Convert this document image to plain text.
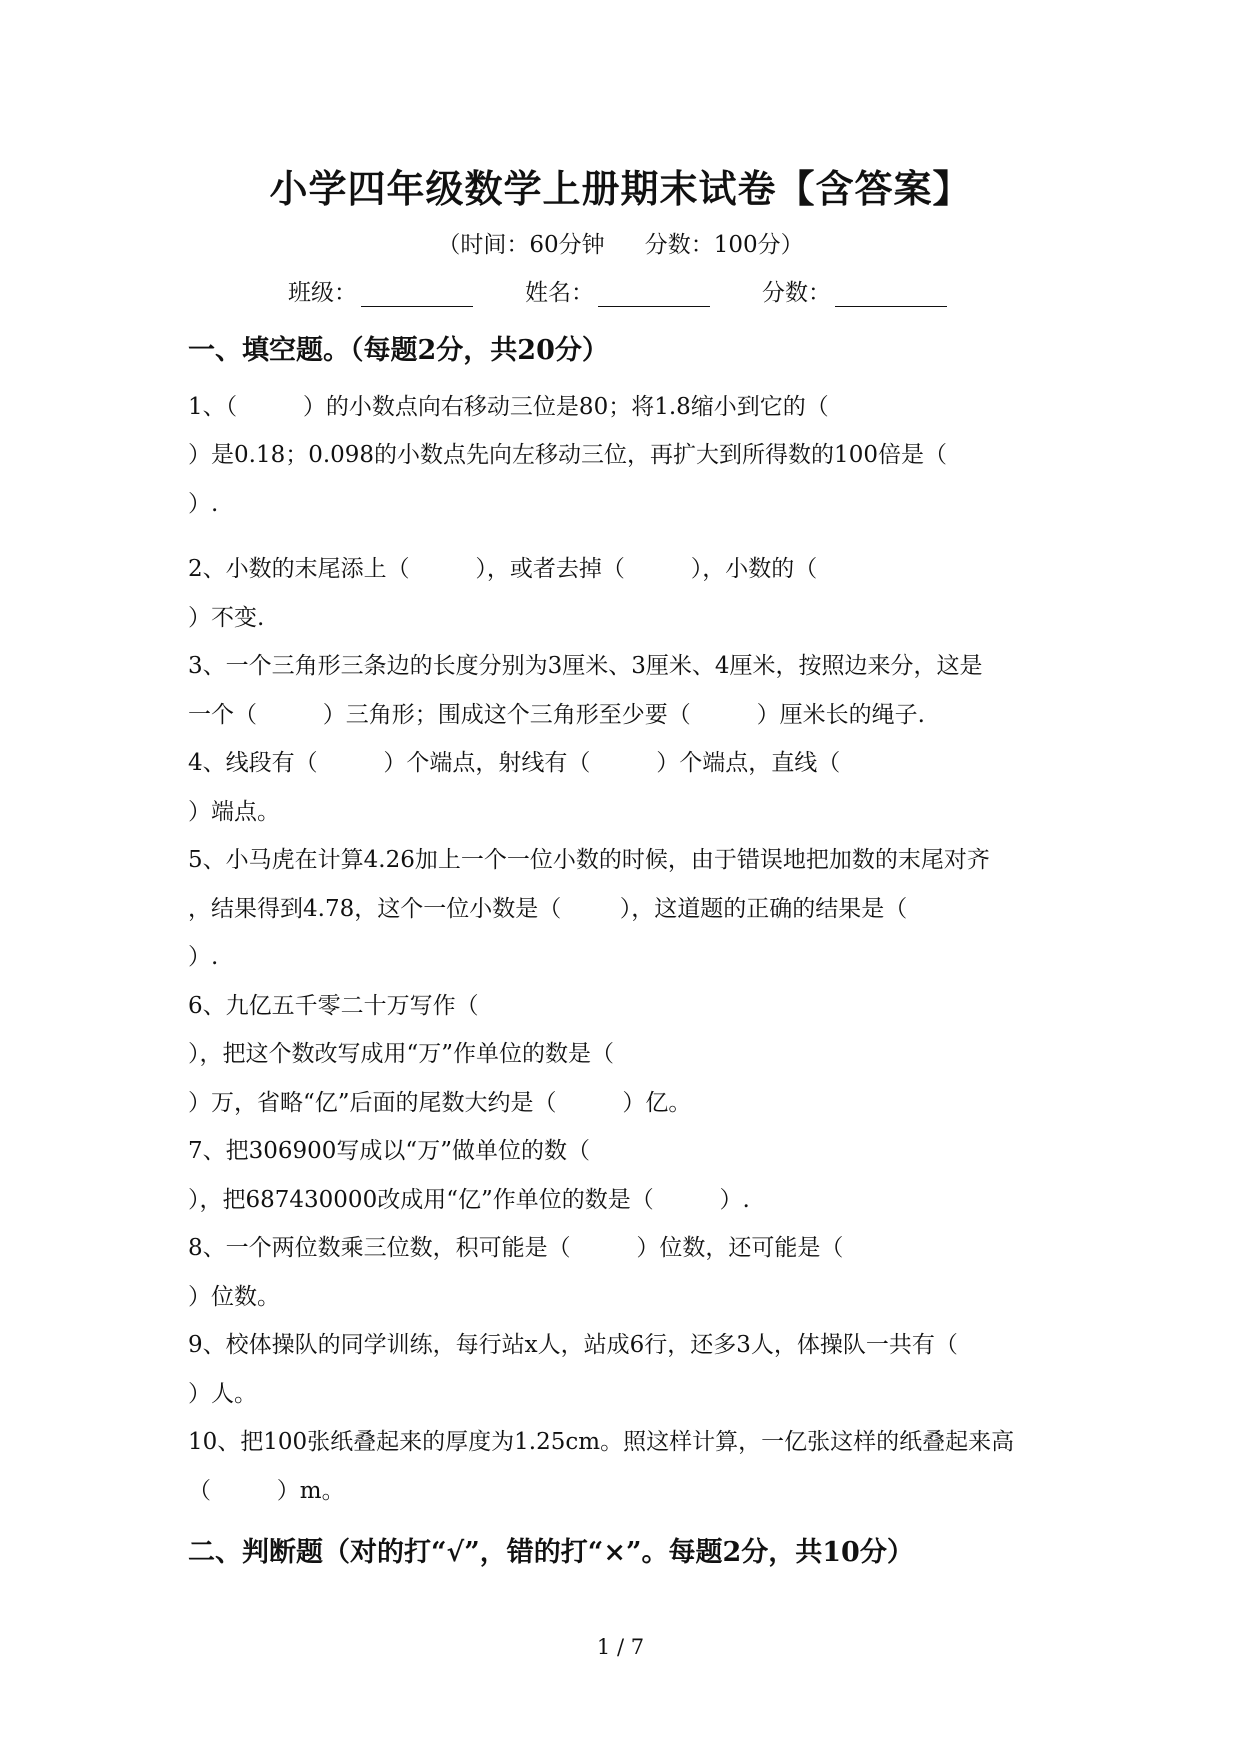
小学四年级数学上册期末试卷【含答案】
（时间：60分钟 分数：100分）
班级：	姓名：	分数：
一、填空题。（每题2分，共20分）
1、（         ）的小数点向右移动三位是80；将1.8缩小到它的（
）是0.18；0.098的小数点先向左移动三位，再扩大到所得数的100倍是（
）.
2、小数的末尾添上（         ），或者去掉（         ），小数的（
）不变.
3、一个三角形三条边的长度分别为3厘米、3厘米、4厘米，按照边来分，这是
一个（         ）三角形；围成这个三角形至少要（         ）厘米长的绳子.
4、线段有（         ）个端点，射线有（         ）个端点，直线（
）端点。
5、小马虎在计算4.26加上一个一位小数的时候，由于错误地把加数的末尾对齐
，结果得到4.78，这个一位小数是（        ），这道题的正确的结果是（
）.
6、九亿五千零二十万写作（
），把这个数改写成用“万”作单位的数是（
）万，省略“亿”后面的尾数大约是（         ）亿。
7、把306900写成以“万”做单位的数（
），把687430000改成用“亿”作单位的数是（         ）.
8、一个两位数乘三位数，积可能是（         ）位数，还可能是（
）位数。
9、校体操队的同学训练，每行站x人，站成6行，还多3人，体操队一共有（
）人。
10、把100张纸叠起来的厚度为1.25cm。照这样计算，一亿张这样的纸叠起来高
（         ）m。
二、判断题（对的打“√”，错的打“×”。每题2分，共10分）
1 / 7
